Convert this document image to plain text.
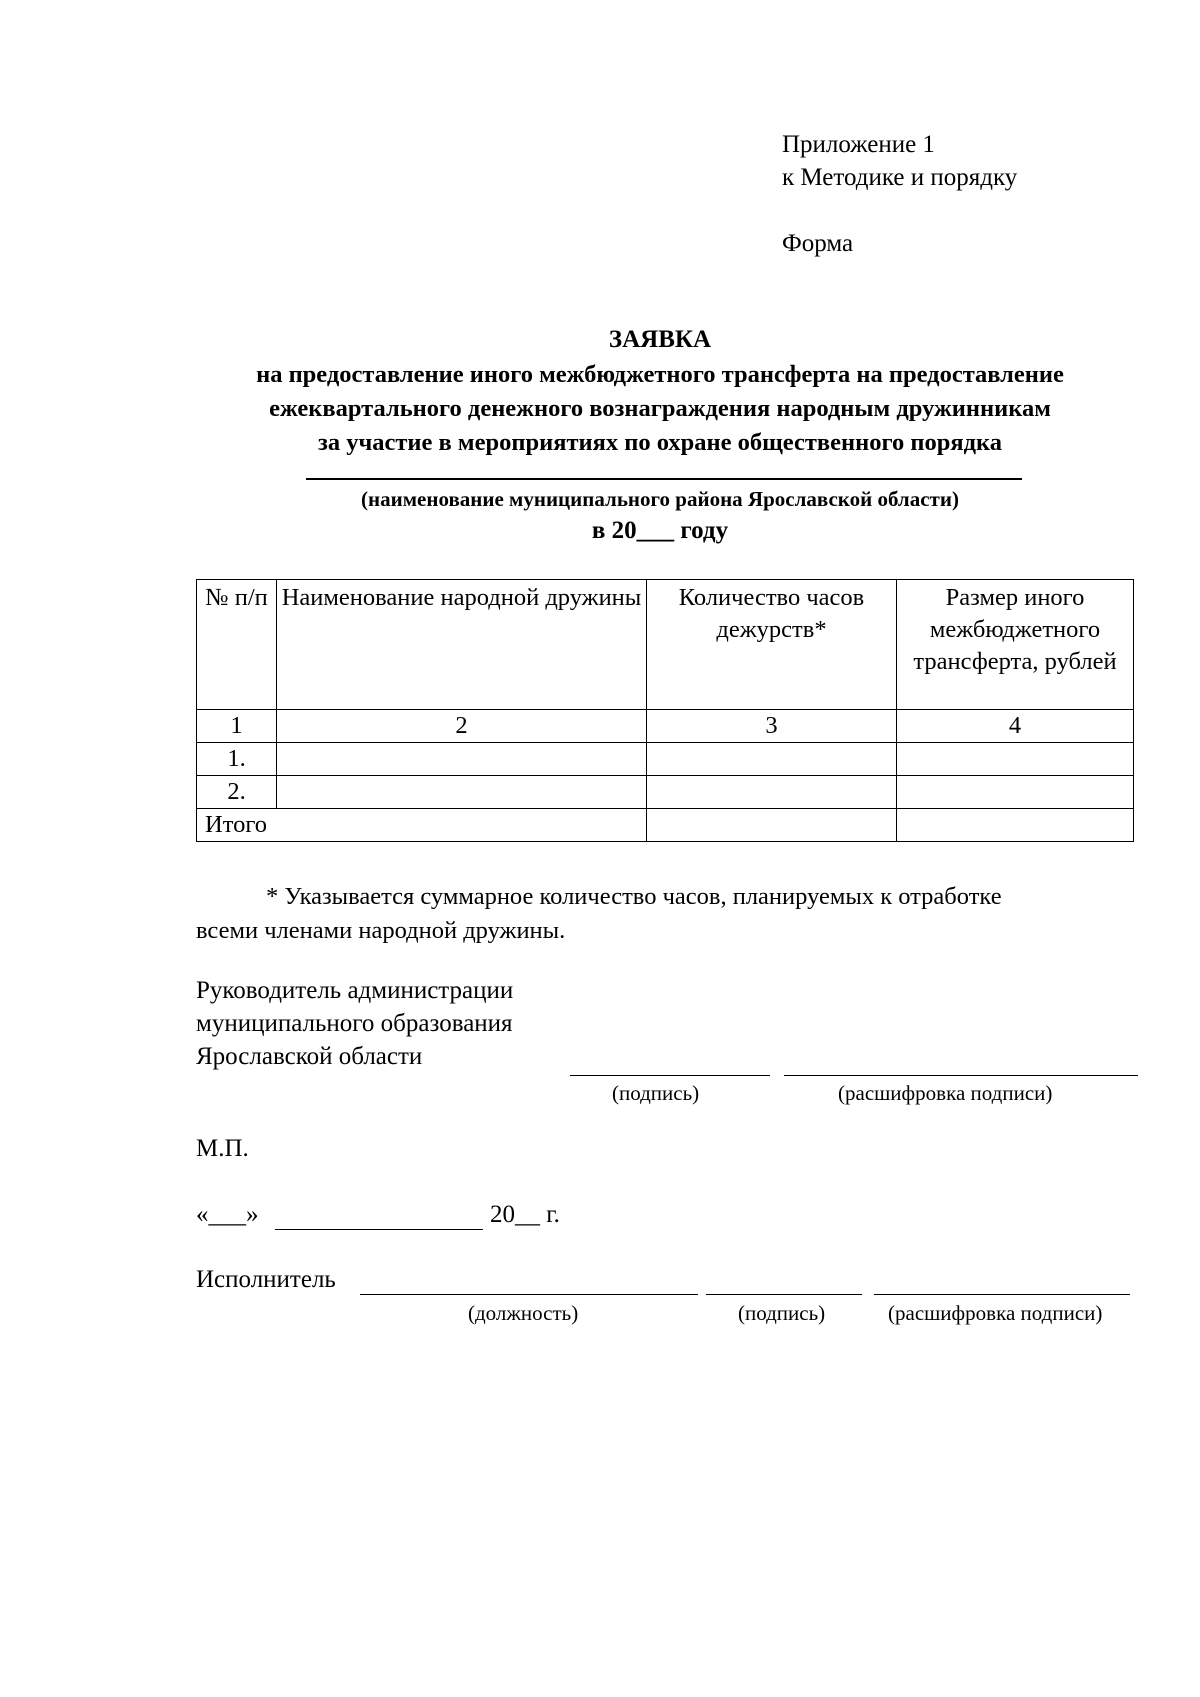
Приложение 1
к Методике и порядку
Форма
ЗАЯВКА
на предоставление иного межбюджетного трансферта на предоставление
ежеквартального денежного вознаграждения народным дружинникам
за участие в мероприятиях по охране общественного порядка
(наименование муниципального района Ярославской области)
в 20___ году
№ п/п	Наименование народной дружины	Количество часов дежурств*	Размер иного межбюджетного трансферта, рублей
1	2	3	4
1.			
2.			
Итого			
* Указывается суммарное количество часов, планируемых к отработке
всеми членами народной дружины.
Руководитель администрации
муниципального образования
Ярославской области
(подпись)	(расшифровка подписи)
М.П.
«___»	20__ г.
Исполнитель
(должность)	(подпись)	(расшифровка подписи)
